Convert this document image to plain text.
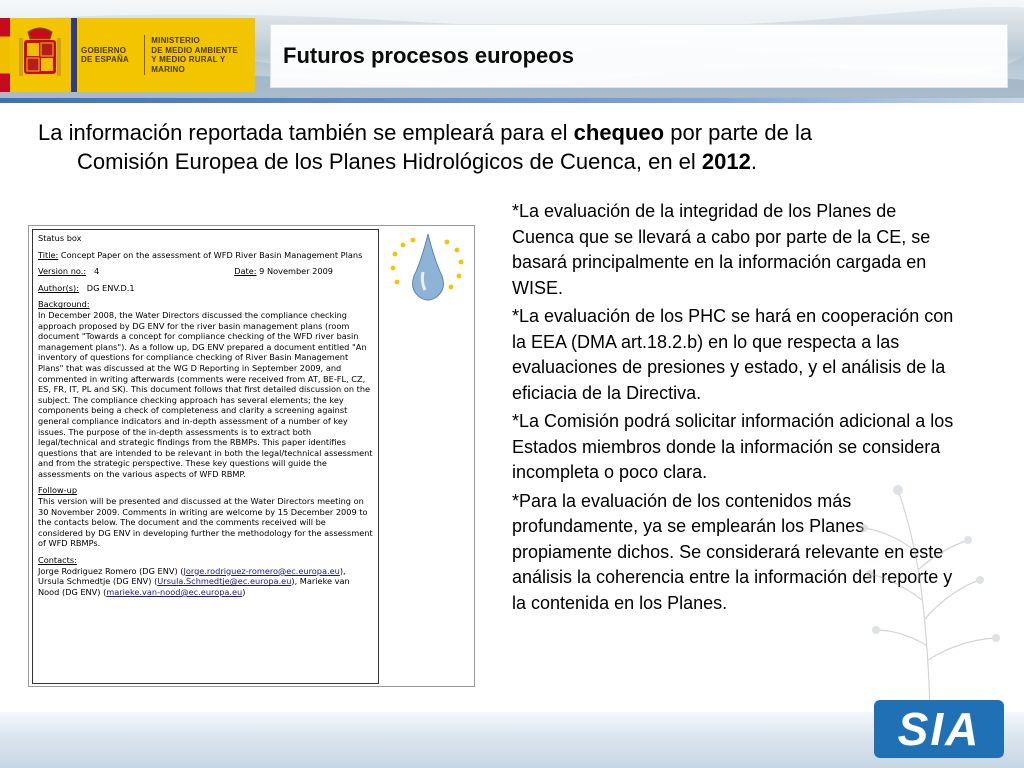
GOBIERNO
DE ESPAÑA
MINISTERIO
DE MEDIO AMBIENTE
Y MEDIO RURAL Y MARINO
Futuros procesos europeos
La información reportada también se empleará para el chequeo por parte de la
Comisión Europea de los Planes Hidrológicos de Cuenca, en el 2012.
Status box
Title: Concept Paper on the assessment of WFD River Basin Management Plans
Version no.: 4	Date: 9 November 2009
Author(s): DG ENV.D.1
Background:
In December 2008, the Water Directors discussed the compliance checking approach proposed by DG ENV for the river basin management plans (room document "Towards a concept for compliance checking of the WFD river basin management plans"). As a follow up, DG ENV prepared a document entitled "An inventory of questions for compliance checking of River Basin Management Plans" that was discussed at the WG D Reporting in September 2009, and commented in writing afterwards (comments were received from AT, BE-FL, CZ, ES, FR, IT, PL and SK). This document follows that first detailed discussion on the subject. The compliance checking approach has several elements; the key components being a check of completeness and clarity a screening against general compliance indicators and in-depth assessment of a number of key issues. The purpose of the in-depth assessments is to extract both legal/technical and strategic findings from the RBMPs. This paper identifies questions that are intended to be relevant in both the legal/technical assessment and from the strategic perspective. These key questions will guide the assessments on the various aspects of WFD RBMP.
Follow-up
This version will be presented and discussed at the Water Directors meeting on 30 November 2009. Comments in writing are welcome by 15 December 2009 to the contacts below. The document and the comments received will be considered by DG ENV in developing further the methodology for the assessment of WFD RBMPs.
Contacts:
Jorge Rodriguez Romero (DG ENV) (Jorge.rodriguez-romero@ec.europa.eu), Ursula Schmedtje (DG ENV) (Ursula.Schmedtje@ec.europa.eu), Marieke van Nood (DG ENV) (marieke.van-nood@ec.europa.eu)

*La evaluación de la integridad de los Planes de Cuenca que se llevará a cabo por parte de la CE, se basará principalmente en la información cargada en WISE.

*La evaluación de los PHC se hará en cooperación con la EEA (DMA art.18.2.b) en lo que respecta a las evaluaciones de presiones y estado, y el análisis de la eficiacia de la Directiva.

*La Comisión podrá solicitar información adicional a los Estados miembros donde la información se considera incompleta o poco clara.

*Para la evaluación de los contenidos más profundamente, ya se emplearán los Planes propiamente dichos. Se considerará relevante en este análisis la coherencia entre la información del reporte y la contenida en los Planes.

SIA
